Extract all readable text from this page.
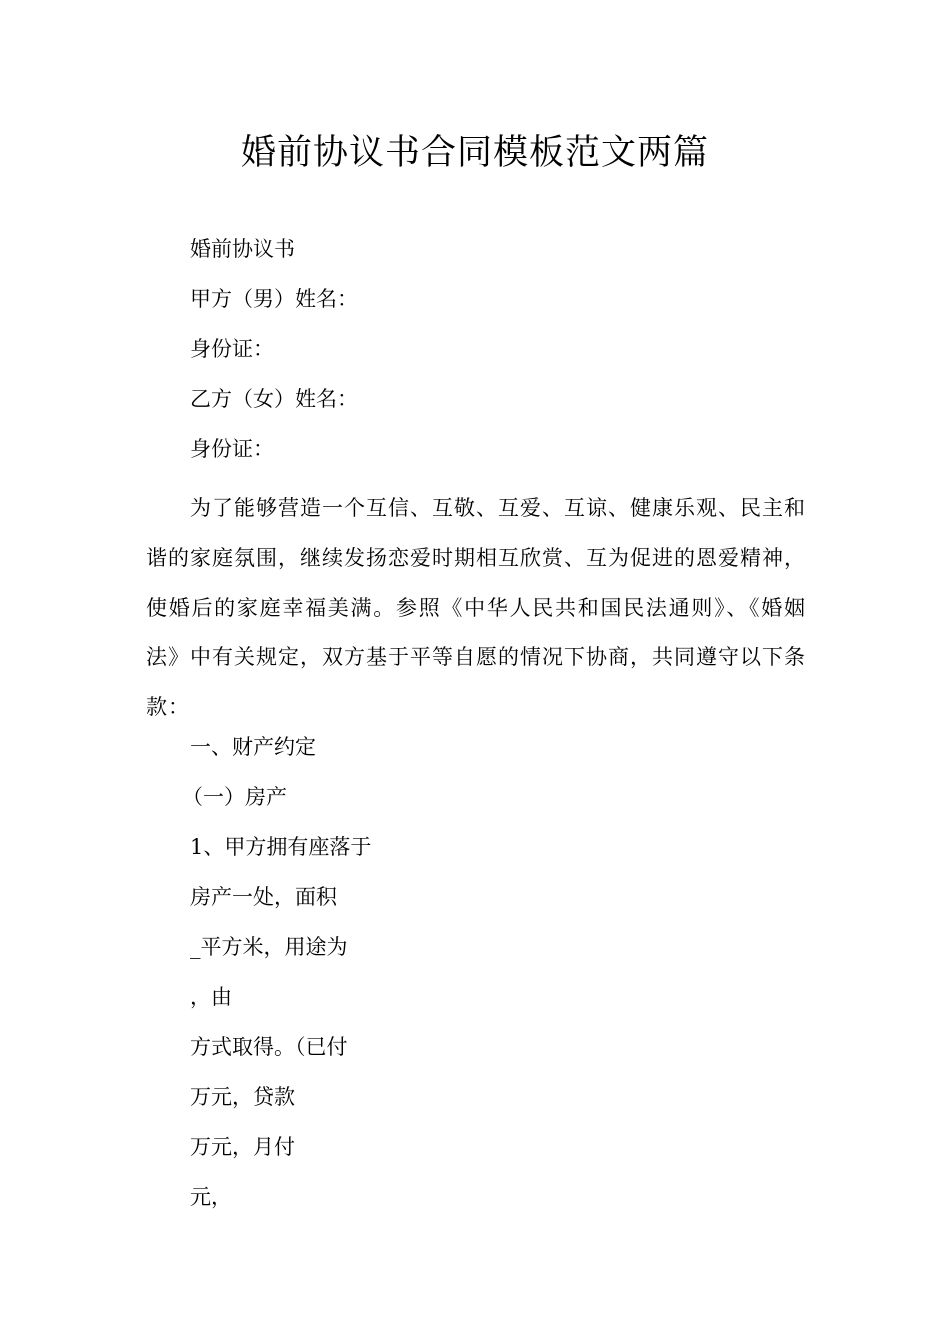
婚前协议书合同模板范文两篇
婚前协议书
甲方（男）姓名：
身份证：
乙方（女）姓名：
身份证：
为了能够营造一个互信、互敬、互爱、互谅、健康乐观、民主和谐的家庭氛围，继续发扬恋爱时期相互欣赏、互为促进的恩爱精神，使婚后的家庭幸福美满。参照《中华人民共和国民法通则》、《婚姻法》中有关规定，双方基于平等自愿的情况下协商，共同遵守以下条款：
一、财产约定
（一）房产
1、甲方拥有座落于
房产一处，面积
_平方米，用途为
，由
方式取得。（已付
万元，贷款
万元，月付
元，
